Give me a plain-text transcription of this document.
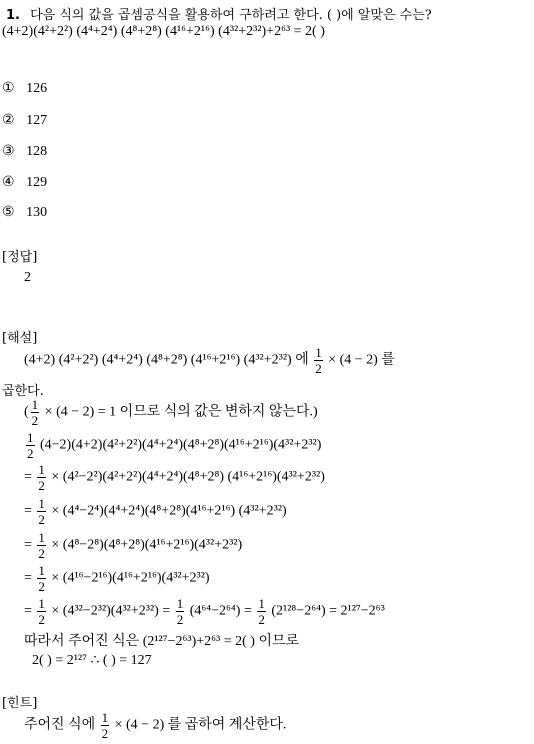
1. 다음 식의 값을 곱셈공식을 활용하여 구하려고 한다. ( )에 알맞은 수는?
(4+2)(4²+2²) (4⁴+2⁴) (4⁸+2⁸) (4¹⁶+2¹⁶) (4³²+2³²)+2⁶³ = 2( )
① 126
② 127
③ 128
④ 129
⑤ 130
[정답]
2
[해설]
(4+2) (4²+2²) (4⁴+2⁴) (4⁸+2⁸) (4¹⁶+2¹⁶) (4³²+2³²) 에 $\frac{1}{2} \times (4 - 2)$ 를
곱한다.
( $\frac{1}{2} \times (4 - 2) = 1$ 이므로 식의 값은 변하지 않는다.)
$\frac{1}{2} (4-2)(4+2)(4^2+2^2)(4^4+2^4)(4^8+2^8)(4^{16}+2^{16})(4^{32}+2^{32})$
= $\frac{1}{2} \times (4^2-2^2)(4^2+2^2)(4^4+2^4)(4^8+2^8)$ (4¹⁶+2¹⁶)(4³²+2³²)
= $\frac{1}{2} \times (4^4-2^4)(4^4+2^4)(4^8+2^8)(4^{16}+2^{16})$ (4³²+2³²)
= $\frac{1}{2} \times (4^8-2^8)(4^8+2^8)(4^{16}+2^{16})(4^{32}+2^{32})$
= $\frac{1}{2} \times (4^{16}-2^{16})(4^{16}+2^{16})(4^{32}+2^{32})$
= $\frac{1}{2} \times (4^{32}-2^{32})(4^{32}+2^{32}) = \frac{1}{2} (4^{64}-2^{64}) = \frac{1}{2} (2^{128}-2^{64}) = 2^{127}-2^{63}$
따라서 주어진 식은 (2¹²⁷−2⁶³)+2⁶³ = 2( ) 이므로
2( ) = 2¹²⁷ ∴ ( ) = 127
[힌트]
주어진 식에 $\frac{1}{2} \times (4 - 2)$ 를 곱하여 계산한다.
